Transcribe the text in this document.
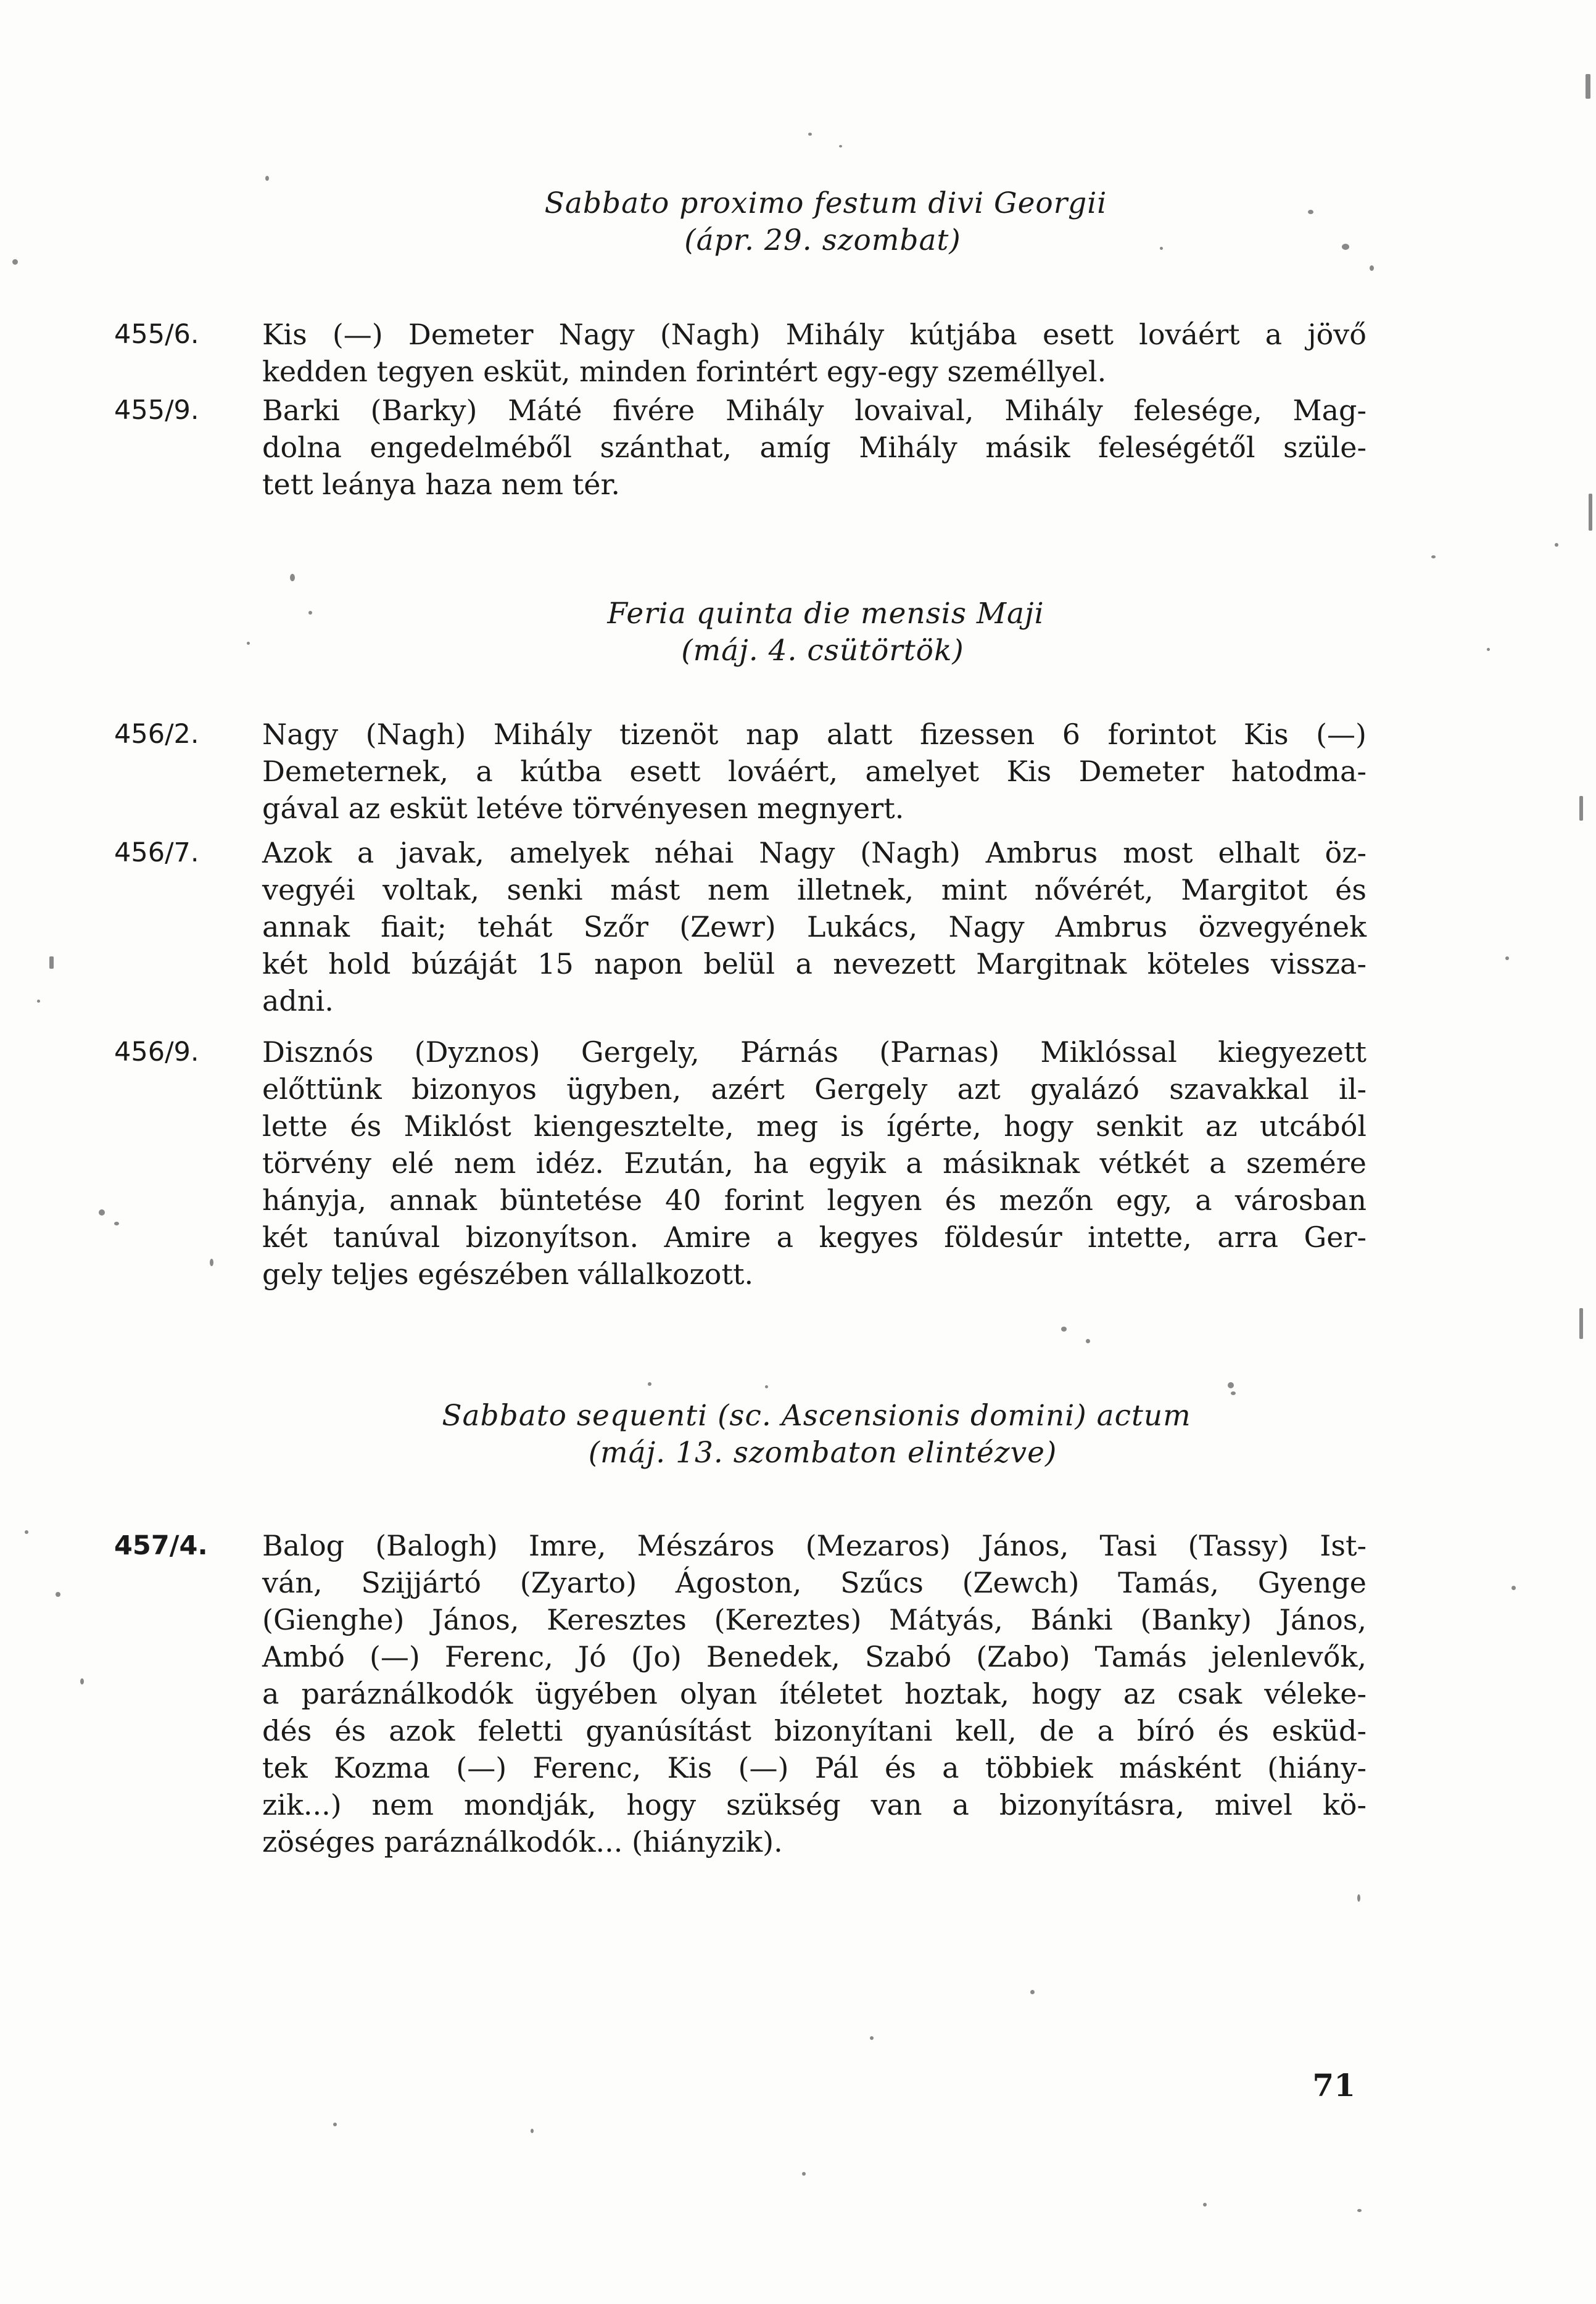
Sabbato proximo festum divi Georgii
(ápr. 29. szombat)
455/6.	Kis (—) Demeter Nagy (Nagh) Mihály kútjába esett lováért a jövő
kedden tegyen esküt, minden forintért egy-egy személlyel.
455/9.	Barki (Barky) Máté fivére Mihály lovaival, Mihály felesége, Mag-
dolna engedelméből szánthat, amíg Mihály másik feleségétől szüle-
tett leánya haza nem tér.
Feria quinta die mensis Maji
(máj. 4. csütörtök)
456/2.	Nagy (Nagh) Mihály tizenöt nap alatt fizessen 6 forintot Kis (—)
Demeternek, a kútba esett lováért, amelyet Kis Demeter hatodma-
gával az esküt letéve törvényesen megnyert.
456/7.	Azok a javak, amelyek néhai Nagy (Nagh) Ambrus most elhalt öz-
vegyéi voltak, senki mást nem illetnek, mint nővérét, Margitot és
annak fiait; tehát Szőr (Zewr) Lukács, Nagy Ambrus özvegyének
két hold búzáját 15 napon belül a nevezett Margitnak köteles vissza-
adni.
456/9.	Disznós (Dyznos) Gergely, Párnás (Parnas) Miklóssal kiegyezett
előttünk bizonyos ügyben, azért Gergely azt gyalázó szavakkal il-
lette és Miklóst kiengesztelte, meg is ígérte, hogy senkit az utcából
törvény elé nem idéz. Ezután, ha egyik a másiknak vétkét a szemére
hányja, annak büntetése 40 forint legyen és mezőn egy, a városban
két tanúval bizonyítson. Amire a kegyes földesúr intette, arra Ger-
gely teljes egészében vállalkozott.
Sabbato sequenti (sc. Ascensionis domini) actum
(máj. 13. szombaton elintézve)
457/4.	Balog (Balogh) Imre, Mészáros (Mezaros) János, Tasi (Tassy) Ist-
ván, Szijjártó (Zyarto) Ágoston, Szűcs (Zewch) Tamás, Gyenge
(Gienghe) János, Keresztes (Kereztes) Mátyás, Bánki (Banky) János,
Ambó (—) Ferenc, Jó (Jo) Benedek, Szabó (Zabo) Tamás jelenlevők,
a paráználkodók ügyében olyan ítéletet hoztak, hogy az csak véleke-
dés és azok feletti gyanúsítást bizonyítani kell, de a bíró és esküd-
tek Kozma (—) Ferenc, Kis (—) Pál és a többiek másként (hiány-
zik...) nem mondják, hogy szükség van a bizonyításra, mivel kö-
zöséges paráználkodók... (hiányzik).
71
